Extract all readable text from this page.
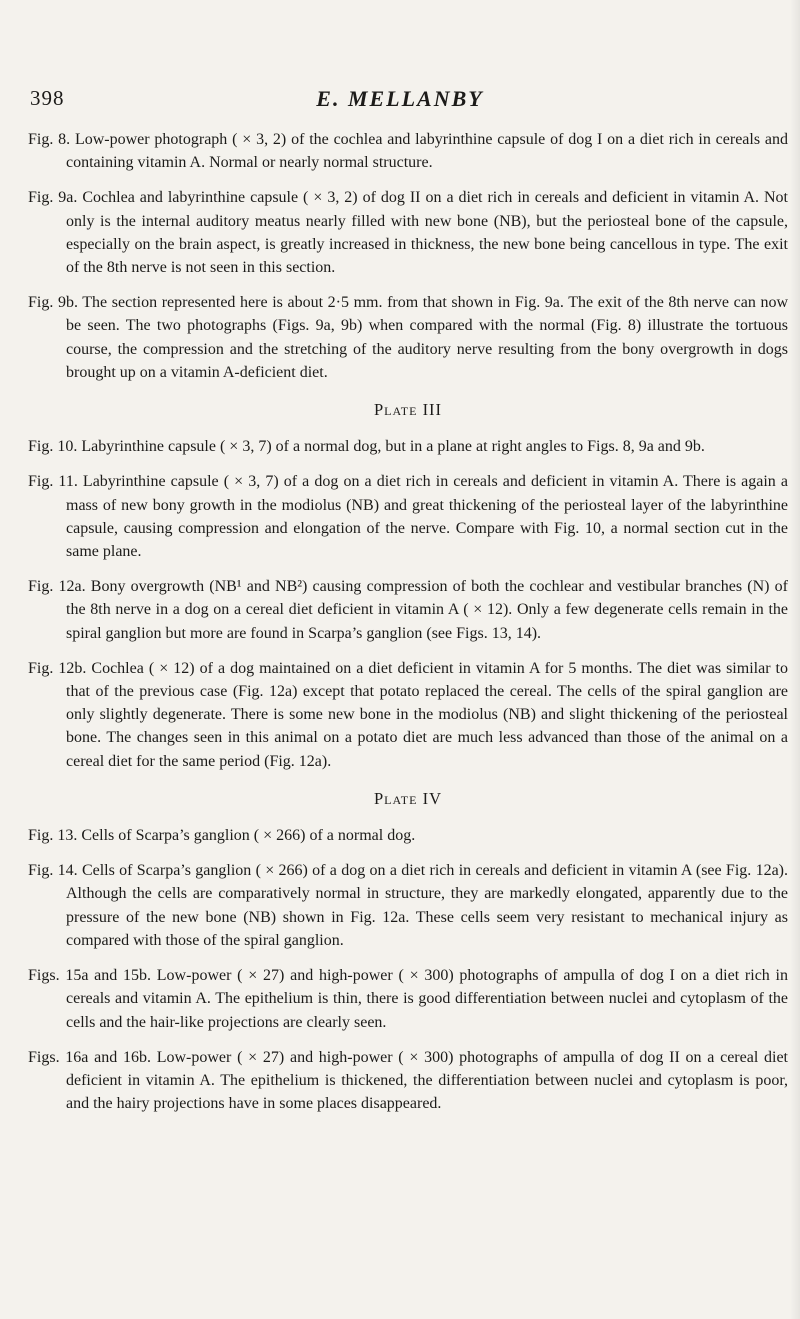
398	E. MELLANBY

Fig. 8. Low-power photograph ( × 3, 2) of the cochlea and labyrinthine capsule of dog I on a diet rich in cereals and containing vitamin A. Normal or nearly normal structure.

Fig. 9a. Cochlea and labyrinthine capsule ( × 3, 2) of dog II on a diet rich in cereals and deficient in vitamin A. Not only is the internal auditory meatus nearly filled with new bone (NB), but the periosteal bone of the capsule, especially on the brain aspect, is greatly increased in thickness, the new bone being cancellous in type. The exit of the 8th nerve is not seen in this section.

Fig. 9b. The section represented here is about 2·5 mm. from that shown in Fig. 9a. The exit of the 8th nerve can now be seen. The two photographs (Figs. 9a, 9b) when compared with the normal (Fig. 8) illustrate the tortuous course, the compression and the stretching of the auditory nerve resulting from the bony overgrowth in dogs brought up on a vitamin A-deficient diet.

Plate III

Fig. 10. Labyrinthine capsule ( × 3, 7) of a normal dog, but in a plane at right angles to Figs. 8, 9a and 9b.

Fig. 11. Labyrinthine capsule ( × 3, 7) of a dog on a diet rich in cereals and deficient in vitamin A. There is again a mass of new bony growth in the modiolus (NB) and great thickening of the periosteal layer of the labyrinthine capsule, causing compression and elongation of the nerve. Compare with Fig. 10, a normal section cut in the same plane.

Fig. 12a. Bony overgrowth (NB¹ and NB²) causing compression of both the cochlear and vestibular branches (N) of the 8th nerve in a dog on a cereal diet deficient in vitamin A ( × 12). Only a few degenerate cells remain in the spiral ganglion but more are found in Scarpa’s ganglion (see Figs. 13, 14).

Fig. 12b. Cochlea ( × 12) of a dog maintained on a diet deficient in vitamin A for 5 months. The diet was similar to that of the previous case (Fig. 12a) except that potato replaced the cereal. The cells of the spiral ganglion are only slightly degenerate. There is some new bone in the modiolus (NB) and slight thickening of the periosteal bone. The changes seen in this animal on a potato diet are much less advanced than those of the animal on a cereal diet for the same period (Fig. 12a).

Plate IV

Fig. 13. Cells of Scarpa’s ganglion ( × 266) of a normal dog.

Fig. 14. Cells of Scarpa’s ganglion ( × 266) of a dog on a diet rich in cereals and deficient in vitamin A (see Fig. 12a). Although the cells are comparatively normal in structure, they are markedly elongated, apparently due to the pressure of the new bone (NB) shown in Fig. 12a. These cells seem very resistant to mechanical injury as compared with those of the spiral ganglion.

Figs. 15a and 15b. Low-power ( × 27) and high-power ( × 300) photographs of ampulla of dog I on a diet rich in cereals and vitamin A. The epithelium is thin, there is good differentiation between nuclei and cytoplasm of the cells and the hair-like projections are clearly seen.

Figs. 16a and 16b. Low-power ( × 27) and high-power ( × 300) photographs of ampulla of dog II on a cereal diet deficient in vitamin A. The epithelium is thickened, the differentiation between nuclei and cytoplasm is poor, and the hairy projections have in some places disappeared.
